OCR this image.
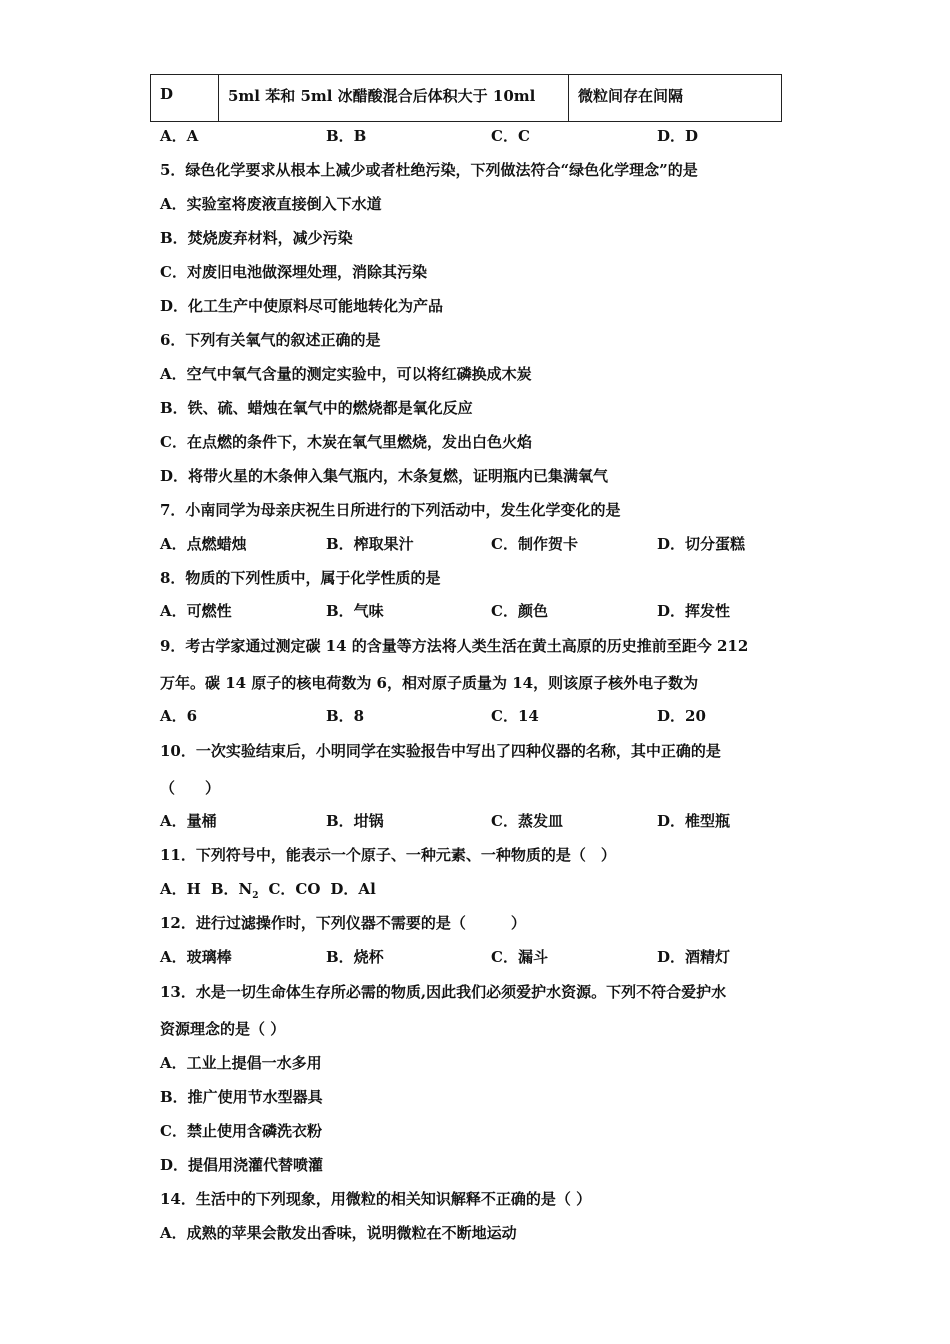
D	5ml 苯和 5ml 冰醋酸混合后体积大于 10ml	微粒间存在间隔
A．A	B．B	C．C	D．D
5．绿色化学要求从根本上减少或者杜绝污染，下列做法符合“绿色化学理念”的是
A．实验室将废液直接倒入下水道
B．焚烧废弃材料，减少污染
C．对废旧电池做深埋处理，消除其污染
D．化工生产中使原料尽可能地转化为产品
6．下列有关氧气的叙述正确的是
A．空气中氧气含量的测定实验中，可以将红磷换成木炭
B．铁、硫、蜡烛在氧气中的燃烧都是氧化反应
C．在点燃的条件下，木炭在氧气里燃烧，发出白色火焰
D．将带火星的木条伸入集气瓶内，木条复燃，证明瓶内已集满氧气
7．小南同学为母亲庆祝生日所进行的下列活动中，发生化学变化的是
A．点燃蜡烛	B．榨取果汁	C．制作贺卡	D．切分蛋糕
8．物质的下列性质中，属于化学性质的是
A．可燃性	B．气味	C．颜色	D．挥发性
9．考古学家通过测定碳 14 的含量等方法将人类生活在黄土高原的历史推前至距今 212
万年。碳 14 原子的核电荷数为 6，相对原子质量为 14，则该原子核外电子数为
A．6	B．8	C．14	D．20
10．一次实验结束后，小明同学在实验报告中写出了四种仪器的名称，其中正确的是
（　　）
A．量桶	B．坩锅	C．蒸发皿	D．椎型瓶
11．下列符号中，能表示一个原子、一种元素、一种物质的是（　）
A．H B．$N_2$ C．CO D．Al
12．进行过滤操作时，下列仪器不需要的是（　　　）
A．玻璃棒	B．烧杯	C．漏斗	D．酒精灯
13．水是一切生命体生存所必需的物质,因此我们必须爱护水资源。下列不符合爱护水
资源理念的是（ ）
A．工业上提倡一水多用
B．推广使用节水型器具
C．禁止使用含磷洗衣粉
D．提倡用浇灌代替喷灌
14．生活中的下列现象，用微粒的相关知识解释不正确的是（ ）
A．成熟的苹果会散发出香味，说明微粒在不断地运动
